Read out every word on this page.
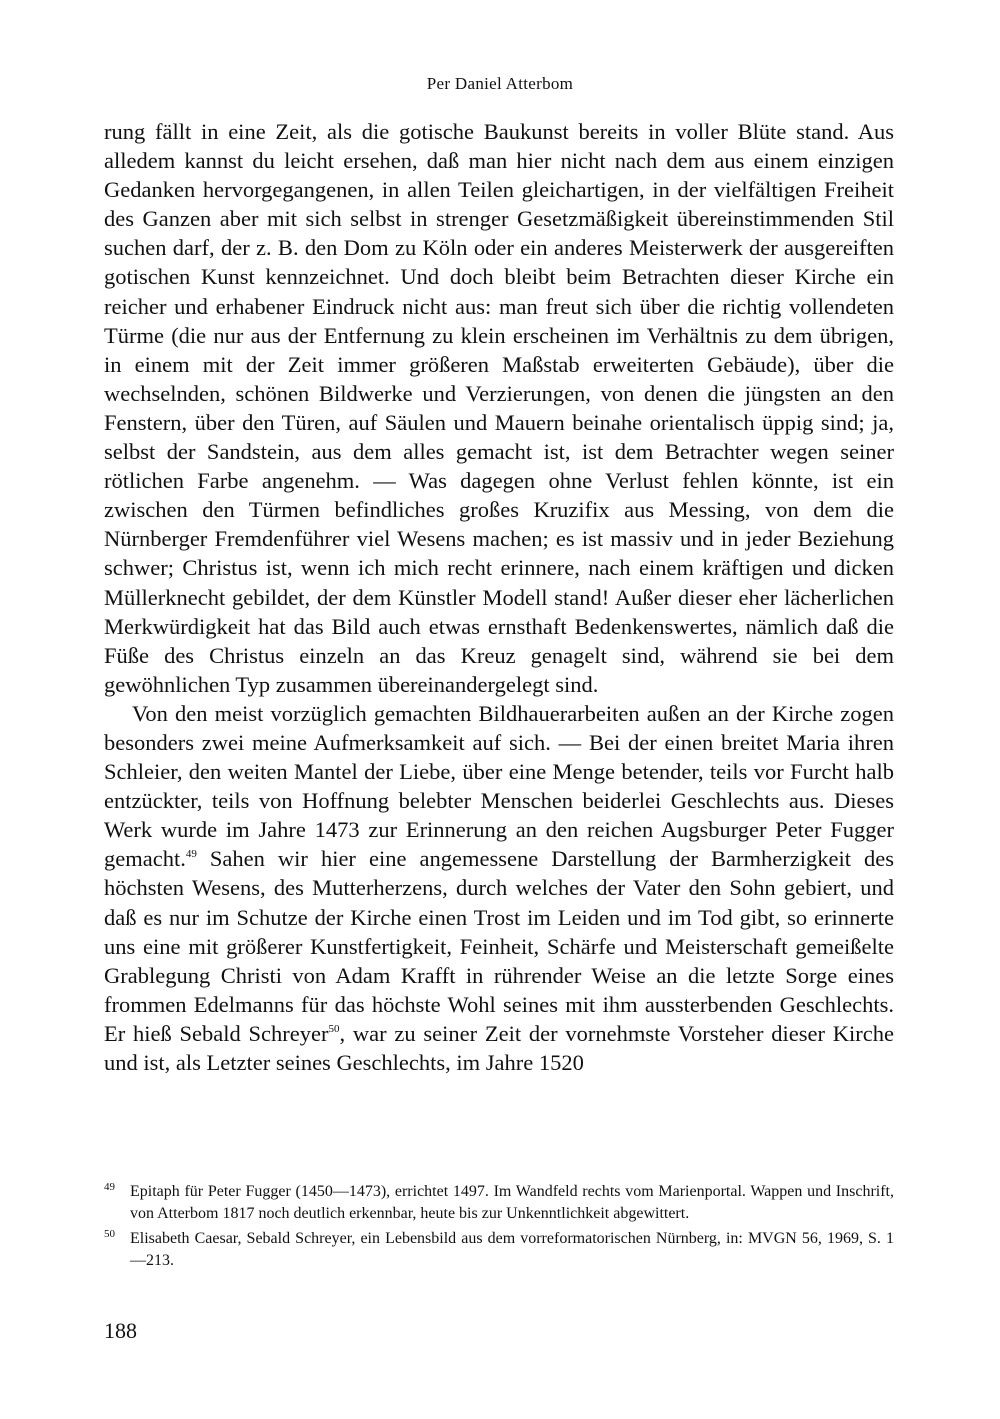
Per Daniel Atterbom

rung fällt in eine Zeit, als die gotische Baukunst bereits in voller Blüte stand. Aus alledem kannst du leicht ersehen, daß man hier nicht nach dem aus einem einzigen Gedanken hervorgegangenen, in allen Teilen gleichartigen, in der vielfältigen Freiheit des Ganzen aber mit sich selbst in strenger Gesetzmäßigkeit übereinstimmenden Stil suchen darf, der z. B. den Dom zu Köln oder ein anderes Meisterwerk der ausgereiften gotischen Kunst kennzeichnet. Und doch bleibt beim Betrachten dieser Kirche ein reicher und erhabener Eindruck nicht aus: man freut sich über die richtig vollendeten Türme (die nur aus der Entfernung zu klein erscheinen im Verhältnis zu dem übrigen, in einem mit der Zeit immer größeren Maßstab erweiterten Gebäude), über die wechselnden, schönen Bildwerke und Verzierungen, von denen die jüngsten an den Fenstern, über den Türen, auf Säulen und Mauern beinahe orientalisch üppig sind; ja, selbst der Sandstein, aus dem alles gemacht ist, ist dem Betrachter wegen seiner rötlichen Farbe angenehm. — Was dagegen ohne Verlust fehlen könnte, ist ein zwischen den Türmen befindliches großes Kruzifix aus Messing, von dem die Nürnberger Fremdenführer viel Wesens machen; es ist massiv und in jeder Beziehung schwer; Christus ist, wenn ich mich recht erinnere, nach einem kräftigen und dicken Müllerknecht gebildet, der dem Künstler Modell stand! Außer dieser eher lächerlichen Merkwürdigkeit hat das Bild auch etwas ernsthaft Bedenkenswertes, nämlich daß die Füße des Christus einzeln an das Kreuz genagelt sind, während sie bei dem gewöhnlichen Typ zusammen übereinandergelegt sind.

Von den meist vorzüglich gemachten Bildhauerarbeiten außen an der Kirche zogen besonders zwei meine Aufmerksamkeit auf sich. — Bei der einen breitet Maria ihren Schleier, den weiten Mantel der Liebe, über eine Menge betender, teils vor Furcht halb entzückter, teils von Hoffnung belebter Menschen beiderlei Geschlechts aus. Dieses Werk wurde im Jahre 1473 zur Erinnerung an den reichen Augsburger Peter Fugger gemacht.$^{49}$ Sahen wir hier eine angemessene Darstellung der Barmherzigkeit des höchsten Wesens, des Mutterherzens, durch welches der Vater den Sohn gebiert, und daß es nur im Schutze der Kirche einen Trost im Leiden und im Tod gibt, so erinnerte uns eine mit größerer Kunstfertigkeit, Feinheit, Schärfe und Meisterschaft gemeißelte Grablegung Christi von Adam Krafft in rührender Weise an die letzte Sorge eines frommen Edelmanns für das höchste Wohl seines mit ihm aussterbenden Geschlechts. Er hieß Sebald Schreyer$^{50}$, war zu seiner Zeit der vornehmste Vorsteher dieser Kirche und ist, als Letzter seines Geschlechts, im Jahre 1520

49 Epitaph für Peter Fugger (1450—1473), errichtet 1497. Im Wandfeld rechts vom Marienportal. Wappen und Inschrift, von Atterbom 1817 noch deutlich erkennbar, heute bis zur Unkenntlichkeit abgewittert.
50 Elisabeth Caesar, Sebald Schreyer, ein Lebensbild aus dem vorreformatorischen Nürnberg, in: MVGN 56, 1969, S. 1—213.
188
